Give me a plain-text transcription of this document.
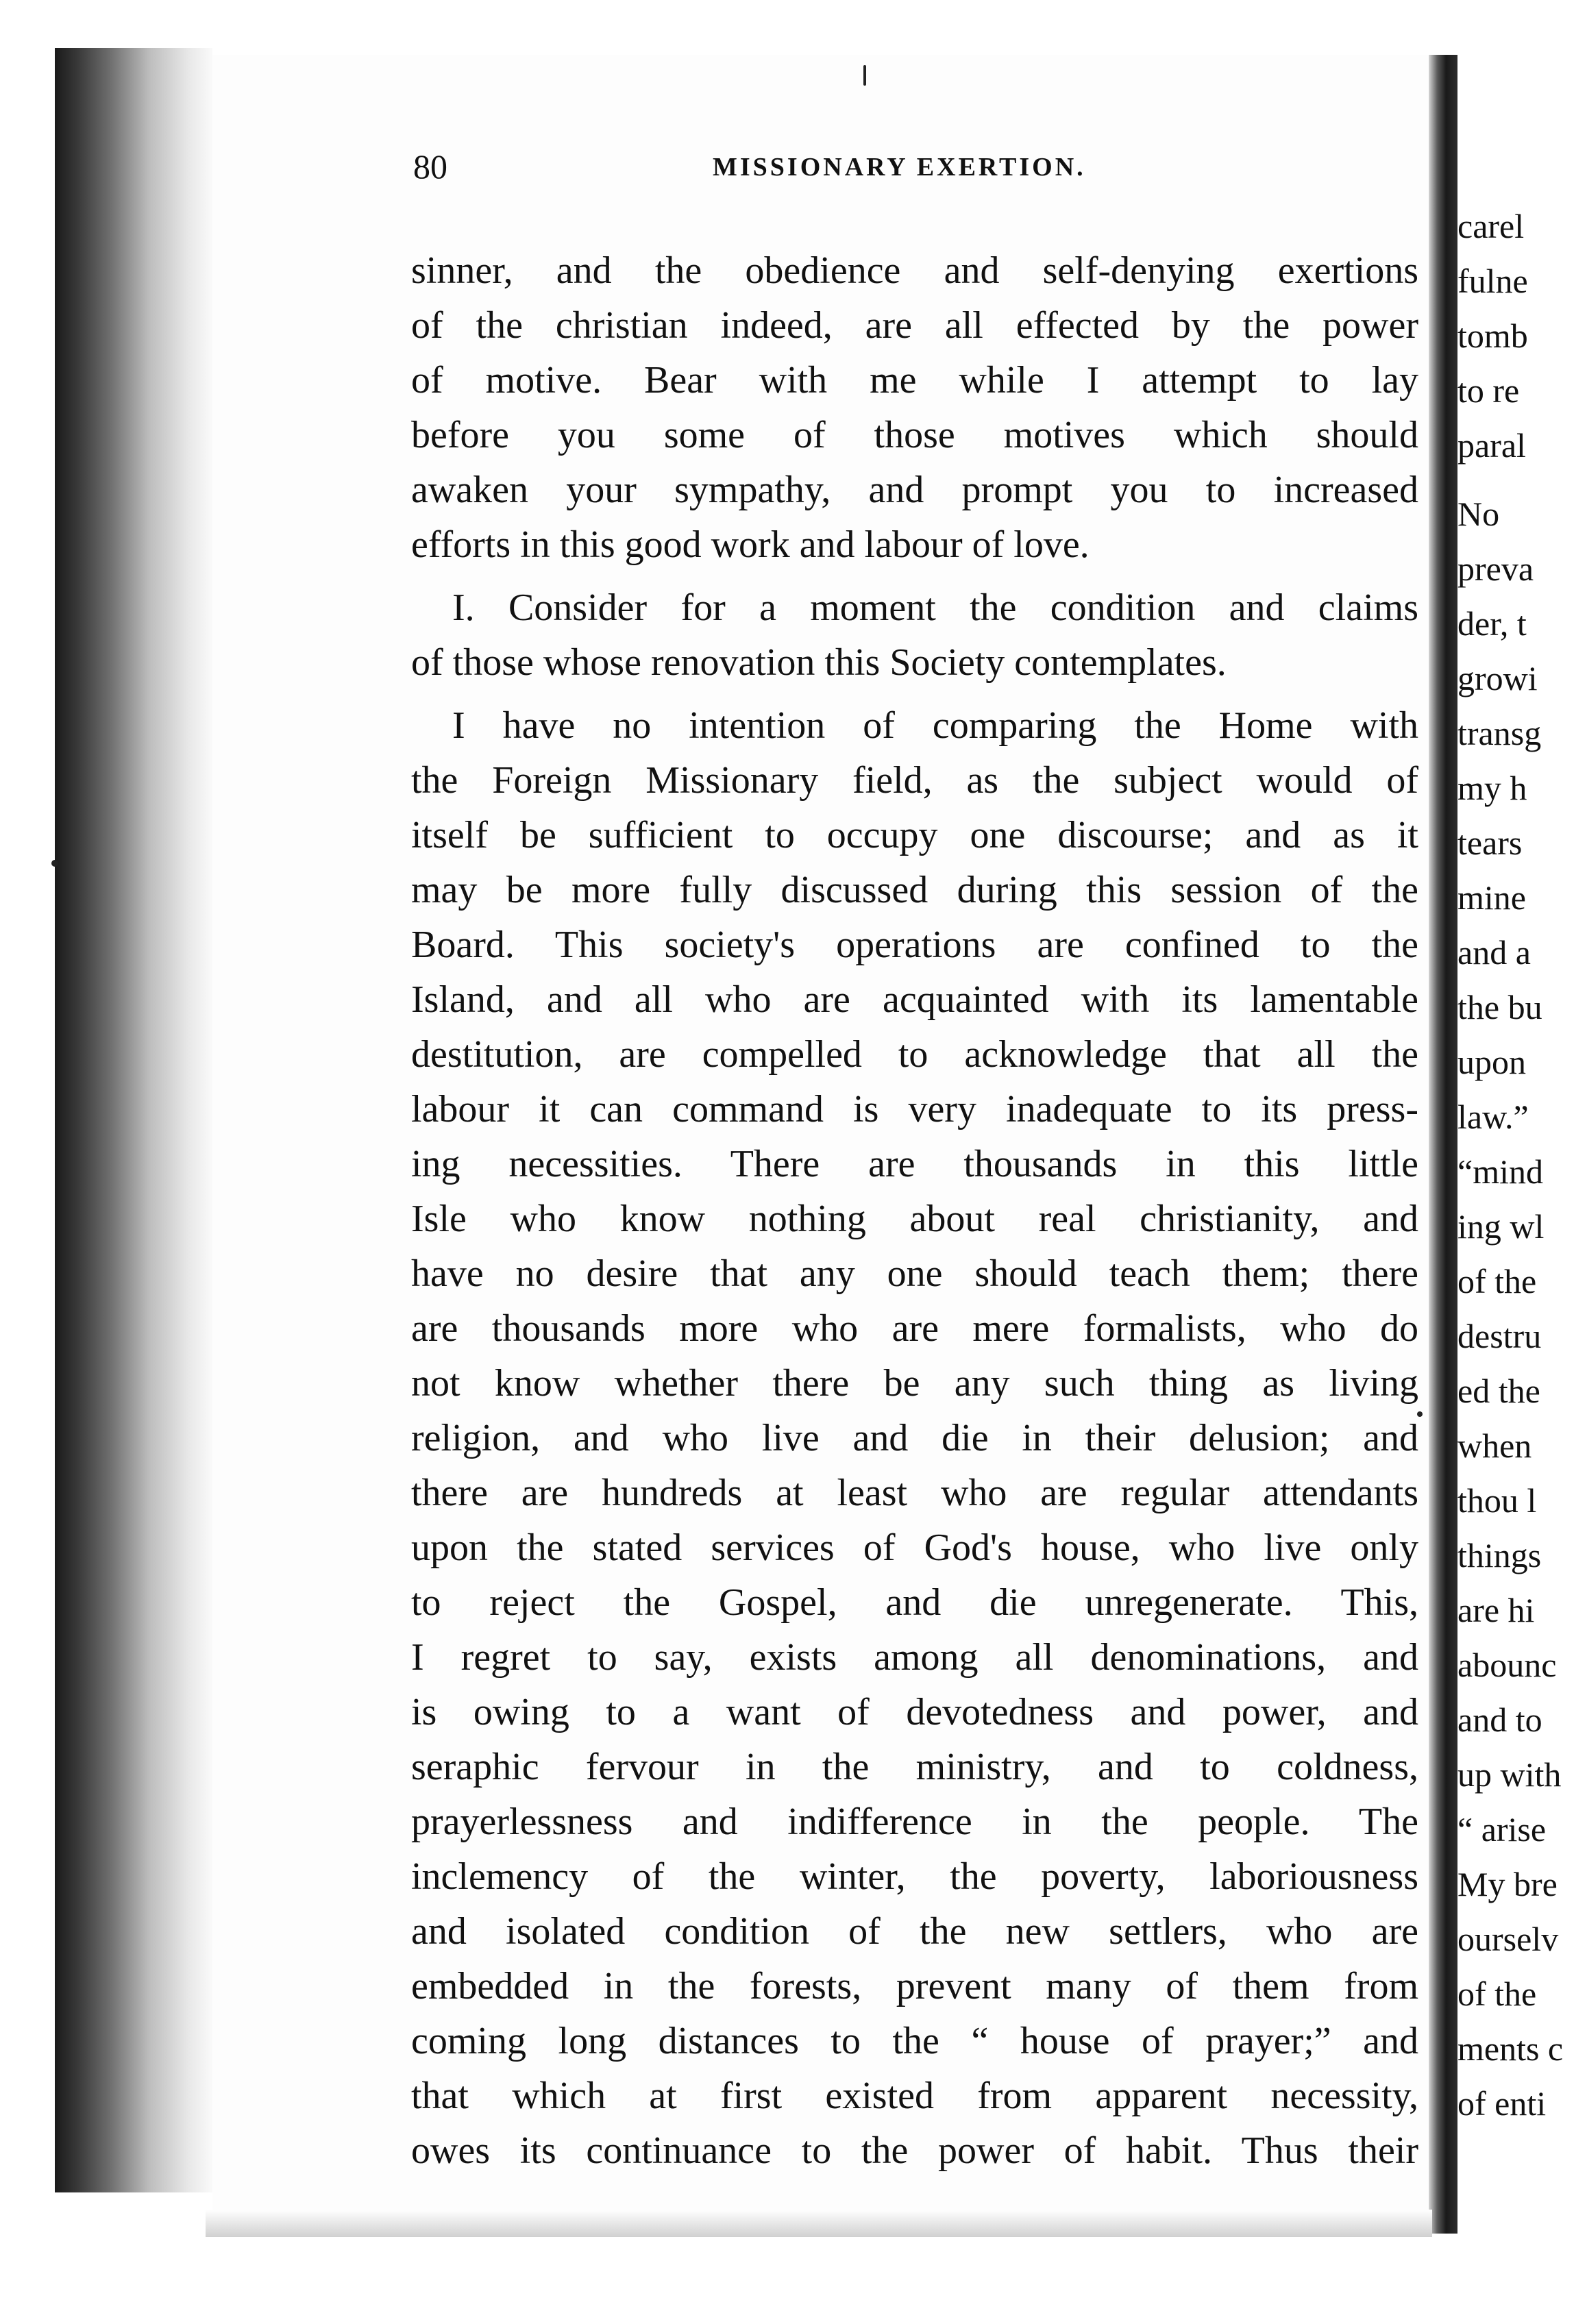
80	MISSIONARY EXERTION.
sinner, and the obedience and self-denying exertions
of the christian indeed, are all effected by the power
of motive. Bear with me while I attempt to lay
before you some of those motives which should
awaken your sympathy, and prompt you to increased
efforts in this good work and labour of love.
I. Consider for a moment the condition and claims
of those whose renovation this Society contemplates.
I have no intention of comparing the Home with
the Foreign Missionary field, as the subject would of
itself be sufficient to occupy one discourse; and as it
may be more fully discussed during this session of the
Board. This society's operations are confined to the
Island, and all who are acquainted with its lamentable
destitution, are compelled to acknowledge that all the
labour it can command is very inadequate to its press-
ing necessities. There are thousands in this little
Isle who know nothing about real christianity, and
have no desire that any one should teach them; there
are thousands more who are mere formalists, who do
not know whether there be any such thing as living
religion, and who live and die in their delusion; and
there are hundreds at least who are regular attendants
upon the stated services of God's house, who live only
to reject the Gospel, and die unregenerate. This,
I regret to say, exists among all denominations, and
is owing to a want of devotedness and power, and
seraphic fervour in the ministry, and to coldness,
prayerlessness and indifference in the people. The
inclemency of the winter, the poverty, laboriousness
and isolated condition of the new settlers, who are
embedded in the forests, prevent many of them from
coming long distances to the “ house of prayer;” and
that which at first existed from apparent necessity,
owes its continuance to the power of habit. Thus their
carel
fulne
tomb
to re
paral
No
preva
der, t
growi
transg
my h
tears
mine
and a
the bu
upon
law.”
“mind
ing wl
of the
destru
ed the
when
thou l
things
are hi
abounc
and to
up with
“ arise
My bre
ourselv
of the
ments c
of enti
